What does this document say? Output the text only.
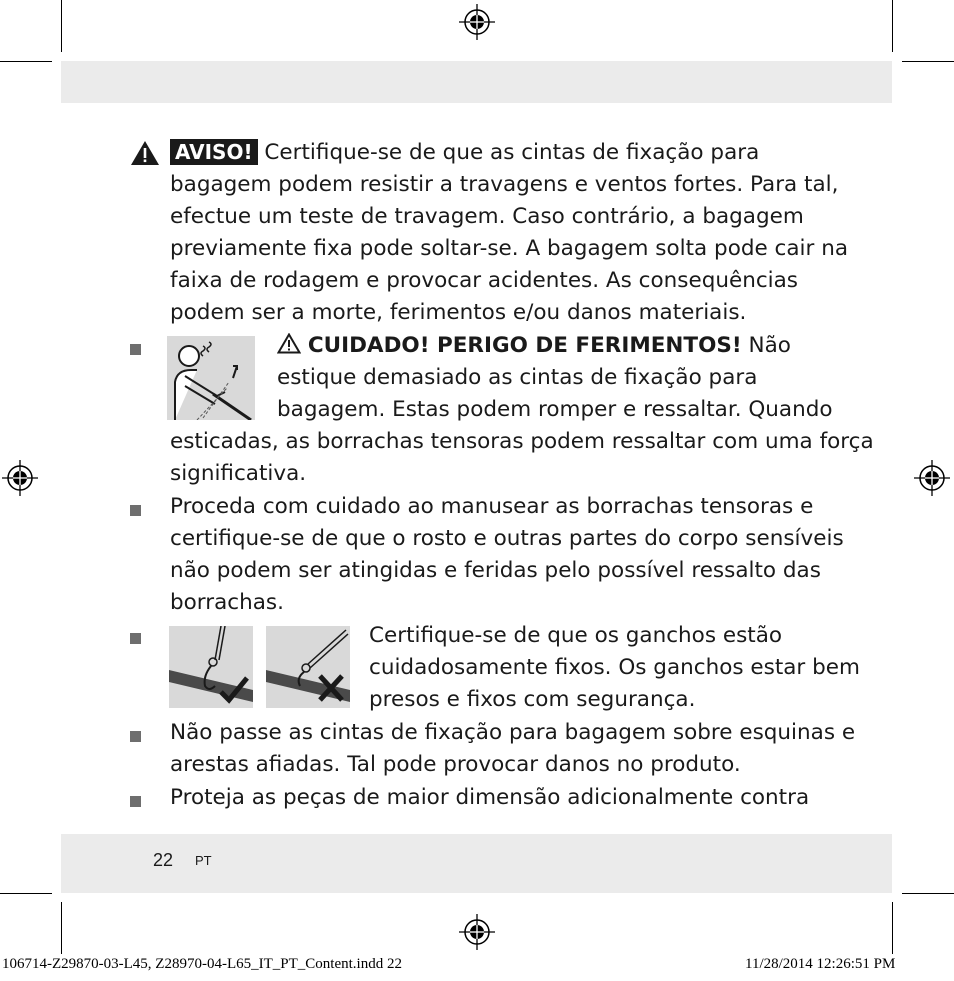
AVISO! Certifique-se de que as cintas de fixação para
bagagem podem resistir a travagens e ventos fortes. Para tal,
efectue um teste de travagem. Caso contrário, a bagagem
previamente fixa pode soltar-se. A bagagem solta pode cair na
faixa de rodagem e provocar acidentes. As consequências
podem ser a morte, ferimentos e/ou danos materiais.
CUIDADO! PERIGO DE FERIMENTOS! Não
estique demasiado as cintas de fixação para
bagagem. Estas podem romper e ressaltar. Quando
esticadas, as borrachas tensoras podem ressaltar com uma força
significativa.
Proceda com cuidado ao manusear as borrachas tensoras e
certifique-se de que o rosto e outras partes do corpo sensíveis
não podem ser atingidas e feridas pelo possível ressalto das
borrachas.
Certifique-se de que os ganchos estão
cuidadosamente fixos. Os ganchos estar bem
presos e fixos com segurança.
Não passe as cintas de fixação para bagagem sobre esquinas e
arestas afiadas. Tal pode provocar danos no produto.
Proteja as peças de maior dimensão adicionalmente contra
22 PT
106714-Z29870-03-L45, Z28970-04-L65_IT_PT_Content.indd 22	11/28/2014 12:26:51 PM
